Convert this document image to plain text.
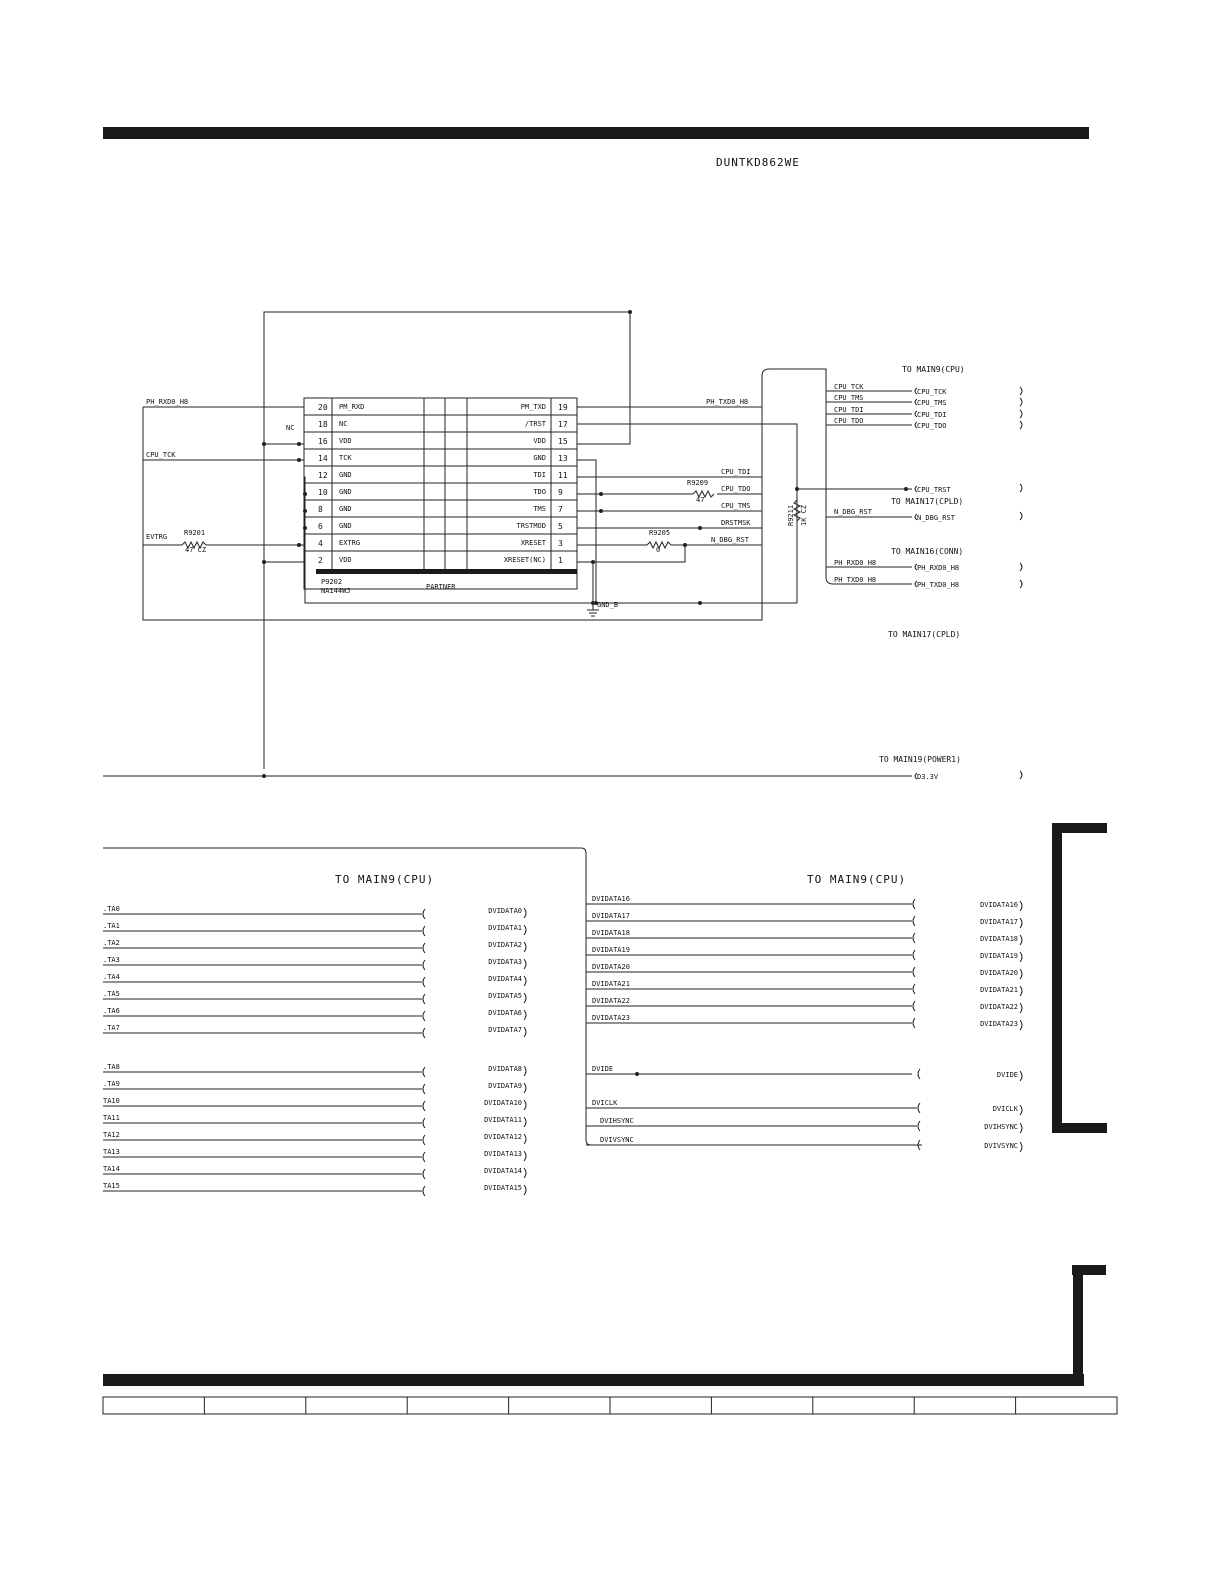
DUNTKD862WE
20 PM_RXD	PM_TXD 19
18 NC	/TRST 17
16 VDD	VDD 15
14 TCK	GND 13
12 GND	TDI 11
10 GND	TDO 9
8 GND	TMS 7
6 GND	TRSTMOD 5
4 EXTRG	XRESET 3
2 VDD	XRESET(NC) 1
P9202
NA144WJ	PARTNER
NC
PH_RXD0_H8
CPU_TCK
EVTRG R9201
47 CZ
PH_TXD0_H8
CPU_TDI
CPU_TDO
R9209
47
CPU_TMS
DRSTMSK
N_DBG_RST
R9205
0
GND_B
R9211 1K CZ
TO MAIN9(CPU)
CPU_TCK
CPU_TCK
CPU_TMS
CPU_TMS
CPU_TDI
CPU_TDI
CPU_TDO
CPU_TDO
CPU_TRST
TO MAIN17(CPLD)
N_DBG_RST
N_DBG_RST
TO MAIN16(CONN)
PH_RXD0_H8
PH_RXD0_H8
PH_TXD0_H8
PH_TXD0_H8
TO MAIN17(CPLD)
TO MAIN19(POWER1)
D3.3V
TO MAIN9(CPU)	TO MAIN9(CPU)
.TA0	DVIDATA0
.TA1	DVIDATA1
.TA2	DVIDATA2
.TA3	DVIDATA3
.TA4	DVIDATA4
.TA5	DVIDATA5
.TA6	DVIDATA6
.TA7	DVIDATA7
.TA8	DVIDATA8
.TA9	DVIDATA9
TA10	DVIDATA10
TA11	DVIDATA11
TA12	DVIDATA12
TA13	DVIDATA13
TA14	DVIDATA14
TA15	DVIDATA15
DVIDATA16
DVIDATA16
DVIDATA17
DVIDATA17
DVIDATA18
DVIDATA18
DVIDATA19
DVIDATA19
DVIDATA20
DVIDATA20
DVIDATA21
DVIDATA21
DVIDATA22
DVIDATA22
DVIDATA23
DVIDATA23
DVIDE
DVIDE
DVICLK
DVICLK
DVIHSYNC
DVIHSYNC
DVIVSYNC
DVIVSYNC
